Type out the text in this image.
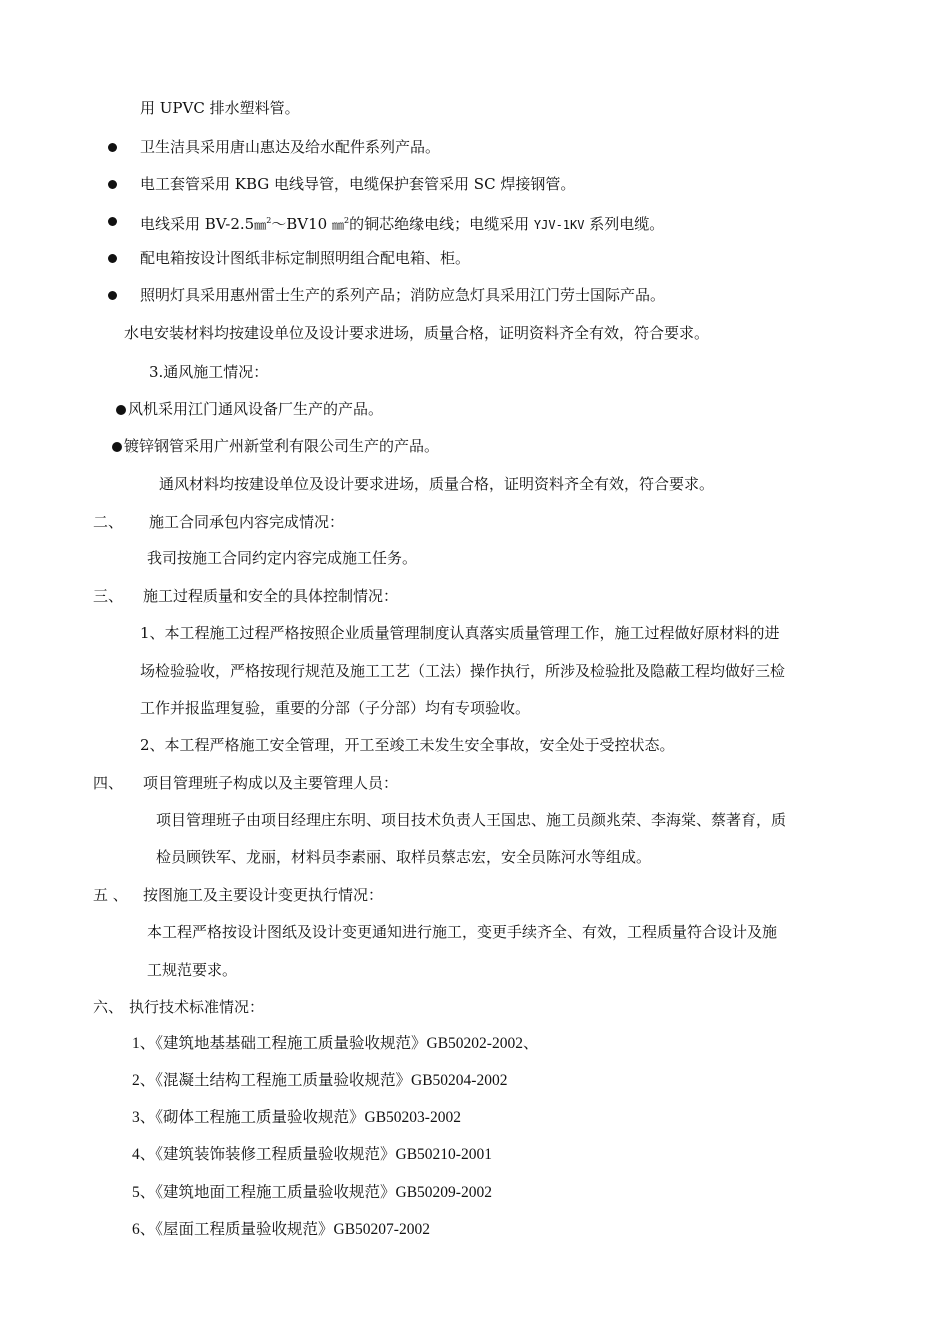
用 UPVC 排水塑料管。
卫生洁具采用唐山惠达及给水配件系列产品。
电工套管采用 KBG 电线导管，电缆保护套管采用 SC 焊接钢管。
电线采用 BV-2.5㎜$^2$～BV10 ㎜$^2$的铜芯绝缘电线；电缆采用 YJV-1KV 系列电缆。
配电箱按设计图纸非标定制照明组合配电箱、柜。
照明灯具采用惠州雷士生产的系列产品；消防应急灯具采用江门劳士国际产品。
水电安装材料均按建设单位及设计要求进场，质量合格，证明资料齐全有效，符合要求。
3.通风施工情况：
风机采用江门通风设备厂生产的产品。
镀锌钢管采用广州新堂利有限公司生产的产品。
通风材料均按建设单位及设计要求进场，质量合格，证明资料齐全有效，符合要求。
二、 施工合同承包内容完成情况：
我司按施工合同约定内容完成施工任务。
三、 施工过程质量和安全的具体控制情况：
1、本工程施工过程严格按照企业质量管理制度认真落实质量管理工作，施工过程做好原材料的进
场检验验收，严格按现行规范及施工工艺（工法）操作执行，所涉及检验批及隐蔽工程均做好三检
工作并报监理复验，重要的分部（子分部）均有专项验收。
2、本工程严格施工安全管理，开工至竣工未发生安全事故，安全处于受控状态。
四、 项目管理班子构成以及主要管理人员：
项目管理班子由项目经理庄东明、项目技术负责人王国忠、施工员颜兆荣、李海棠、蔡著育，质
检员顾铁军、龙丽，材料员李素丽、取样员蔡志宏，安全员陈河水等组成。
五 、 按图施工及主要设计变更执行情况：
本工程严格按设计图纸及设计变更通知进行施工，变更手续齐全、有效，工程质量符合设计及施
工规范要求。
六、 执行技术标准情况：
1、《建筑地基基础工程施工质量验收规范》GB50202-2002、
2、《混凝土结构工程施工质量验收规范》GB50204-2002
3、《砌体工程施工质量验收规范》GB50203-2002
4、《建筑装饰装修工程质量验收规范》GB50210-2001
5、《建筑地面工程施工质量验收规范》GB50209-2002
6、《屋面工程质量验收规范》GB50207-2002
